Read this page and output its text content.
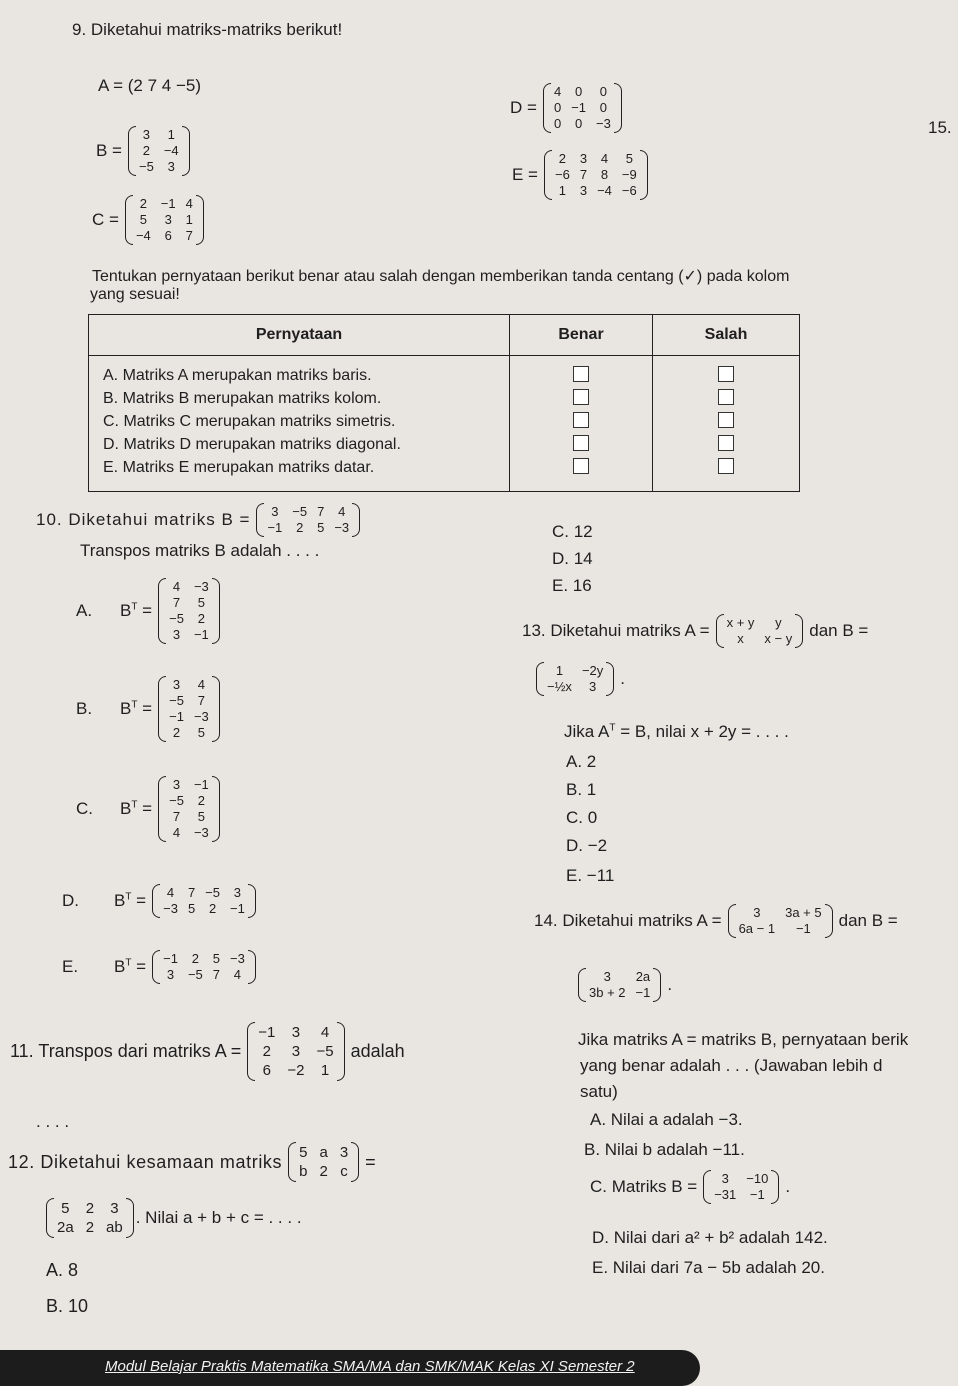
9. Diketahui matriks-matriks berikut!
A = (2 7 4 −5)
B =
3 1
2 −4
−5 3
C =
2 −1 4
5 3 1
−4 6 7
D =
4 0 0
0 −1 0
0 0 −3
E =
2 3 4 5
−6 7 8 −9
1 3 −4 −6
15.
Tentukan pernyataan berikut benar atau salah dengan memberikan tanda centang (✓) pada kolom
yang sesuai!
Pernyataan	Benar	Salah

A. Matriks A merupakan matriks baris.
B. Matriks B merupakan matriks kolom.
C. Matriks C merupakan matriks simetris.
D. Matriks D merupakan matriks diagonal.
E. Matriks E merupakan matriks datar.		

10. Diketahui matriks B = 3 −5 7 4
−1 2 5 −3
Transpos matriks B adalah . . . .
A.	$B^T$ =
4 −3
7 5
−5 2
3 −1
B.	$B^T$ =
3 4
−5 7
−1 −3
2 5
C.	$B^T$ =
3 −1
−5 2
7 5
4 −3
D.	$B^T = 4$ 7 −5 3
−3 5 2 −1
E.	$B^T = -1$ 2 5 −3
3 −5 7 4
11. Transpos dari matriks A =
−1 3 4
2 3 −5
6 −2 1
adalah
. . . .
C. 12
D. 14
E. 16
12. Diketahui kesamaan matriks 5 a 3
b 2 c =
5 2 3
2a 2 ab
. Nilai a + b + c = . . . .
A. 8
B. 10
13. Diketahui matriks A = x + y	y
x	x − y dan B =
1	−2y
−½x	3	.
Jika $A^T = B$, nilai x + 2y = . . . .
A. 2
B. 1
C. 0
D. −2
E. −11
14. Diketahui matriks A =	3	3a + 5
6a − 1	−1	dan B =
3	2a
3b + 2 −1 .
Jika matriks A = matriks B, pernyataan berik
yang benar adalah . . . (Jawaban lebih d
satu)
A. Nilai a adalah −3.
B. Nilai b adalah −11.
C. Matriks B =	3	−10
−31 −1 .
D. Nilai dari a² + b² adalah 142.
E. Nilai dari 7a − 5b adalah 20.
Modul Belajar Praktis Matematika SMA/MA dan SMK/MAK Kelas XI Semester 2
